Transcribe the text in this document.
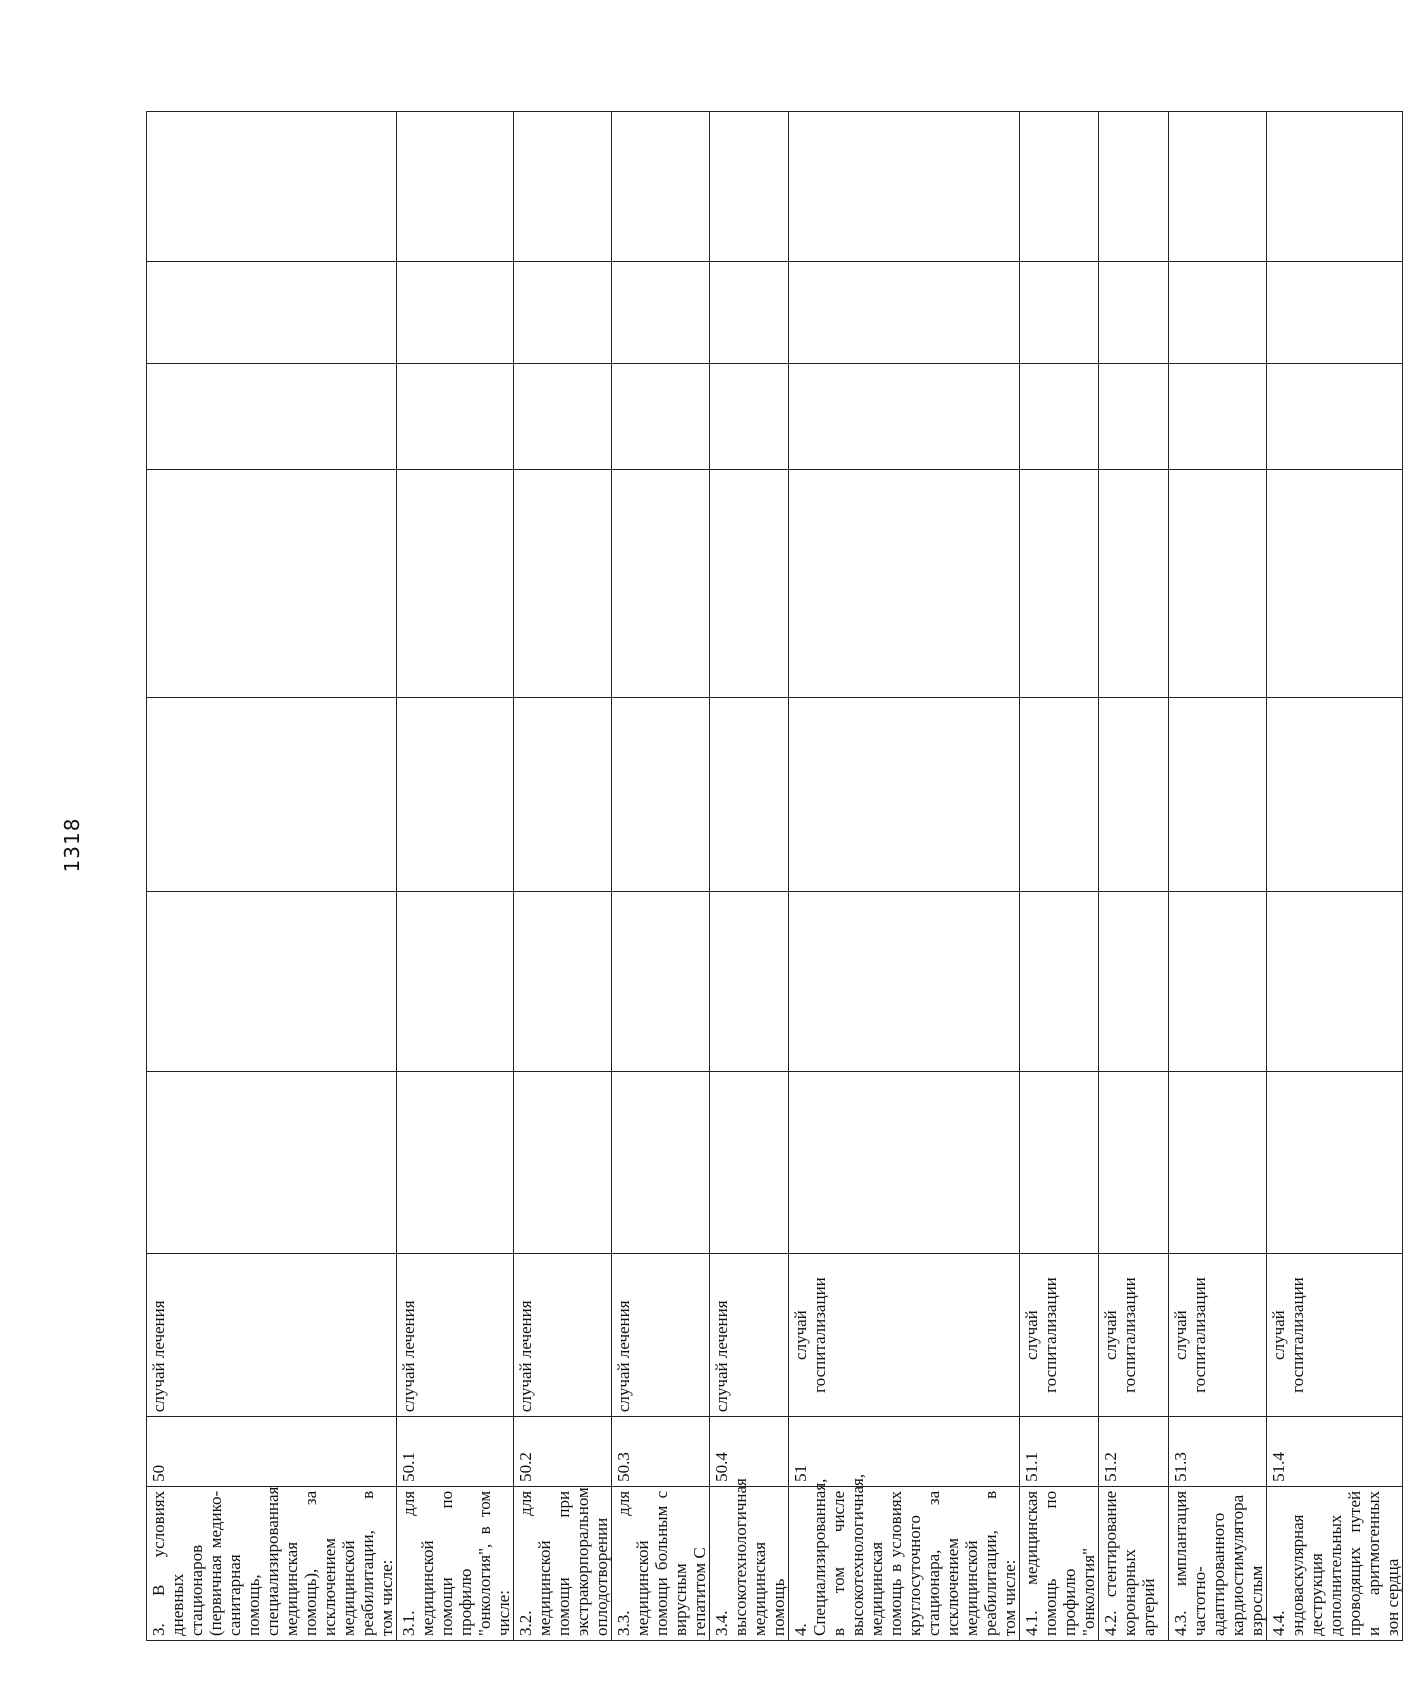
1318
3. В условиях дневных стационаров (первичная медико-санитарная помощь, специализированная медицинская помощь), за исключением медицинской реабилитации, в том числе:	50	случай лечения							
3.1. для медицинской помощи по профилю "онкология", в том числе:	50.1	случай лечения							
3.2. для медицинской помощи при экстракорпоральном оплодотворении	50.2	случай лечения							
3.3. для медицинской помощи больным с вирусным гепатитом С	50.3	случай лечения							
3.4. высокотехнологичная медицинская помощь	50.4	случай лечения							
4. Специализированная, в том числе высокотехнологичная, медицинская помощь в условиях круглосуточного стационара, за исключением медицинской реабилитации, в том числе:	51	случай госпитализации							
4.1. медицинская помощь по профилю "онкология"	51.1	случай госпитализации							
4.2. стентирование коронарных артерий	51.2	случай госпитализации							
4.3. имплантация частотно-адаптированного кардиостимулятора взрослым	51.3	случай госпитализации							
4.4. эндоваскулярная деструкция дополнительных проводящих путей и аритмогенных зон сердца	51.4	случай госпитализации							
